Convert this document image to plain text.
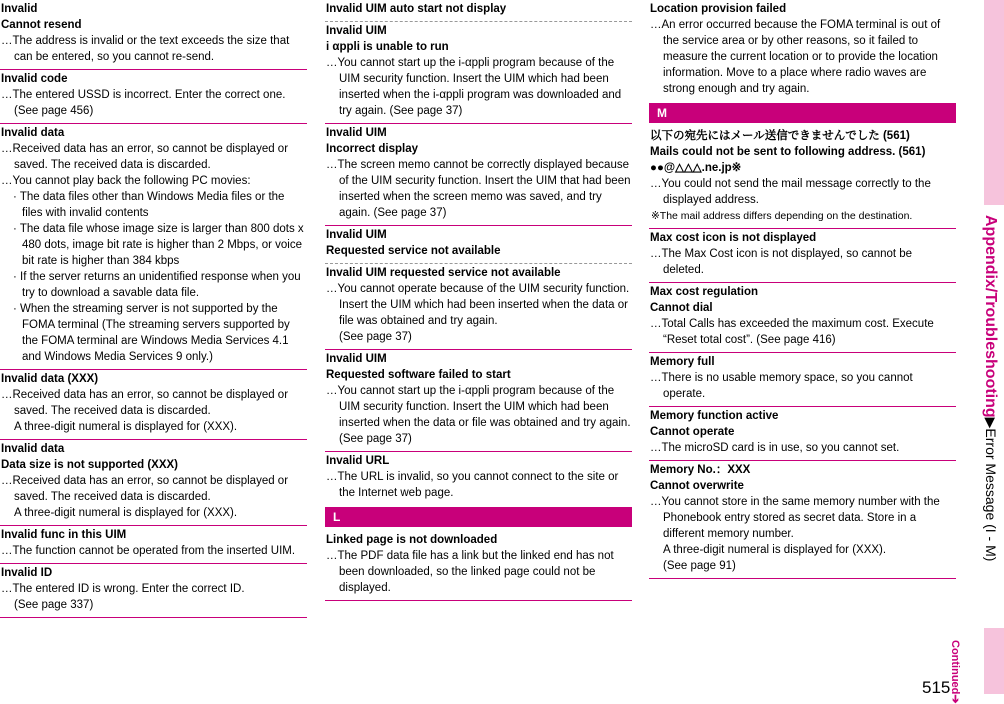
Invalid
Cannot resend
…The address is invalid or the text exceeds the size that can be entered, so you cannot re-send.
Invalid code
…The entered USSD is incorrect. Enter the correct one. (See page 456)
Invalid data
…Received data has an error, so cannot be displayed or saved. The received data is discarded.
…You cannot play back the following PC movies:
· The data files other than Windows Media files or the files with invalid contents
· The data file whose image size is larger than 800 dots x 480 dots, image bit rate is higher than 2 Mbps, or voice bit rate is higher than 384 kbps
· If the server returns an unidentified response when you try to download a savable data file.
· When the streaming server is not supported by the FOMA terminal (The streaming servers supported by the FOMA terminal are Windows Media Services 4.1 and Windows Media Services 9 only.)
Invalid data (XXX)
…Received data has an error, so cannot be displayed or saved. The received data is discarded.
A three-digit numeral is displayed for (XXX).
Invalid data
Data size is not supported (XXX)
…Received data has an error, so cannot be displayed or saved. The received data is discarded.
A three-digit numeral is displayed for (XXX).
Invalid func in this UIM
…The function cannot be operated from the inserted UIM.
Invalid ID
…The entered ID is wrong. Enter the correct ID.
(See page 337)
Invalid UIM auto start not display
Invalid UIM
i αppli is unable to run
…You cannot start up the i-αppli program because of the UIM security function. Insert the UIM which had been inserted when the i-αppli program was downloaded and try again. (See page 37)
Invalid UIM
Incorrect display
…The screen memo cannot be correctly displayed because of the UIM security function. Insert the UIM that had been inserted when the screen memo was saved, and try again. (See page 37)
Invalid UIM
Requested service not available
Invalid UIM requested service not available
…You cannot operate because of the UIM security function. Insert the UIM which had been inserted when the data or file was obtained and try again.
(See page 37)
Invalid UIM
Requested software failed to start
…You cannot start up the i-αppli program because of the UIM security function. Insert the UIM which had been inserted when the data or file was obtained and try again. (See page 37)
Invalid URL
…The URL is invalid, so you cannot connect to the site or the Internet web page.
L
Linked page is not downloaded
…The PDF data file has a link but the linked end has not been downloaded, so the linked page could not be displayed.
Location provision failed
…An error occurred because the FOMA terminal is out of the service area or by other reasons, so it failed to measure the current location or to provide the location information. Move to a place where radio waves are strong enough and try again.
M
以下の宛先にはメール送信できませんでした (561)
Mails could not be sent to following address. (561)
●●@△△△.ne.jp※
…You could not send the mail message correctly to the displayed address.
※The mail address differs depending on the destination.
Max cost icon is not displayed
…The Max Cost icon is not displayed, so cannot be deleted.
Max cost regulation
Cannot dial
…Total Calls has exceeded the maximum cost. Execute “Reset total cost”. (See page 416)
Memory full
…There is no usable memory space, so you cannot operate.
Memory function active
Cannot operate
…The microSD card is in use, so you cannot set.
Memory No.：XXX
Cannot overwrite
…You cannot store in the same memory number with the Phonebook entry stored as secret data. Store in a different memory number.
A three-digit numeral is displayed for (XXX).
(See page 91)
Appendix/Troubleshooting▶Error Message (I - M)
Continued➔
515
